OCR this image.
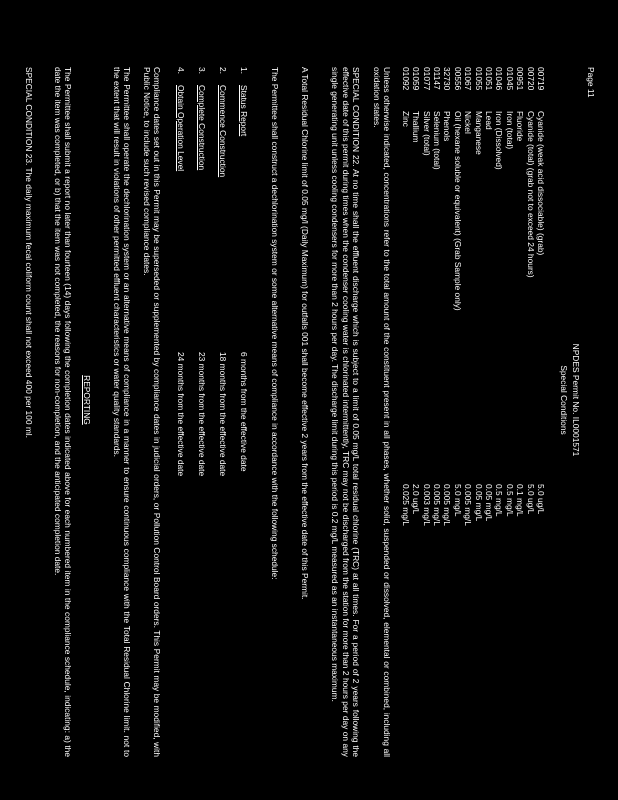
Page 11
NPDES Permit No. IL0001571
Special Conditions
00719
00720
00951
01045
01046
01051
01055
01067
00556
32730
01147
01077
01059
01092
Cyanide (weak acid dissociable) (grab)
Cyanide (total) (grab not to exceed 24 hours)
Fluoride
Iron (total)
Iron (Dissolved)
Lead
Manganese
Nickel
Oil (hexane soluble or equivalent) (Grab Sample only)
Phenols
Selenium (total)
Silver (total)
Thallium
Zinc
5.0 ug/L
5.0 ug/L
0.1 mg/L
0.5 mg/L
0.5 mg/L
0.05 mg/L
0.05 mg/L
0.005 mg/L
5.0 mg/L
0.005 mg/L
0.005 mg/L
0.003 mg/L
2.0 ug/L
0.025 mg/L
Unless otherwise indicated, concentrations refer to the total amount of the constituent present in all phases, whether solid, suspended or dissolved, elemental or combined, including all oxidation states.
SPECIAL CONDITION 22. At no time shall the effluent discharge which is subject to a limit of 0.05 mg/L total residual chlorine (TRC) at all times. For a period of 2 years following the effective date of this permit during times when the condenser cooling water is chlorinated intermittently, TRC may not be discharged from the station for more than 2 hours per day on any single generating unit unless cooling condensers for more than 2 hours per day. The discharge limit during this period is 0.2 mg/L measured as an instantaneous maximum.
A Total Residual Chlorine limit of 0.05 mg/l (Daily Maximum) for outfalls 001 shall become effective 2 years from the effective date of this Permit.
The Permittee shall construct a dechlorination system or some alternative means of compliance in accordance with the following schedule:
1.
Status Report
6 months from the effective date
2.
Commence Construction
18 months from the effective date
3.
Complete Construction
23 months from the effective date
4.
Obtain Operation Level
24 months from the effective date
Compliance dates set out in this Permit may be superseded or supplemented by compliance dates in judicial orders, or Pollution Control Board orders. This Permit may be modified, with Public Notice, to include such revised compliance dates.
The Permittee shall operate the dechlorination system or an alternative means of compliance in a manner to ensure continuous compliance with the Total Residual Chlorine limit. not to the extent that will result in violations of other permitted effluent characteristics or water quality standards.
REPORTING
The Permittee shall submit a report no later than fourteen (14) days following the completion dates indicated above for each numbered item in the compliance schedule, indicating: a) the date the item was completed, or b) that the item was not completed, the reasons for non-completion, and the anticipated completion date.
SPECIAL CONDITION 23. The daily maximum fecal coliform count shall not exceed 400 per 100 ml.
